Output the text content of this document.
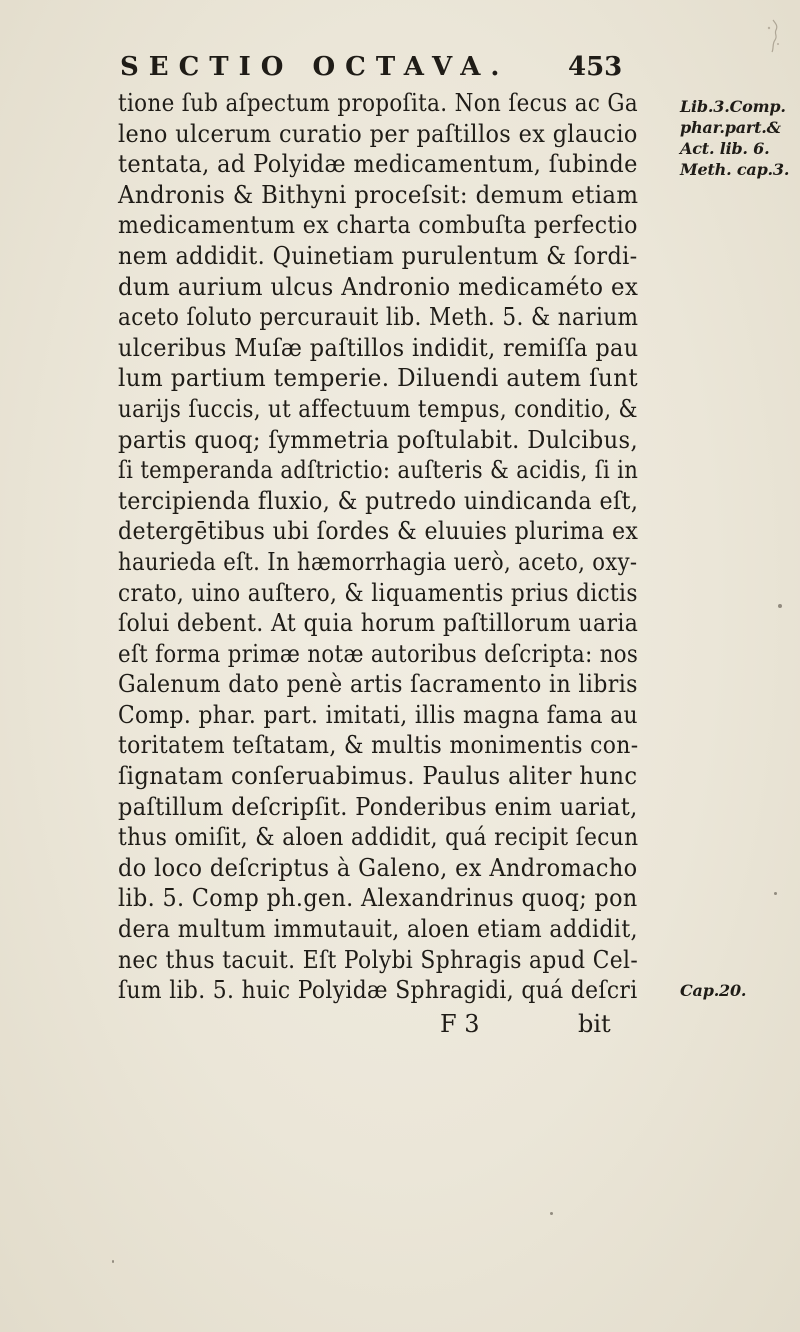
SECTIO OCTAVA. 453
tione ſub aſpectum propoſita. Non ſecus ac Ga
leno ulcerum curatio per paſtillos ex glaucio
tentata, ad Polyidæ medicamentum, ſubinde
Andronis & Bithyni proceſsit: demum etiam
medicamentum ex charta combuſta perfectio
nem addidit. Quinetiam purulentum & ſordi-
dum aurium ulcus Andronio medicaméto ex
aceto ſoluto percurauit lib. Meth. 5. & narium
ulceribus Muſæ paſtillos indidit, remiſſa pau
lum partium temperie. Diluendi autem ſunt
uarijs ſuccis, ut affectuum tempus, conditio, &
partis quoq; ſymmetria poſtulabit. Dulcibus,
ſi temperanda adſtrictio: auſteris & acidis, ſi in
tercipienda fluxio, & putredo uindicanda eſt,
detergētibus ubi ſordes & eluuies plurima ex
haurieda eſt. In hæmorrhagia uerò, aceto, oxy-
crato, uino auſtero, & liquamentis prius dictis
ſolui debent. At quia horum paſtillorum uaria
eſt forma primæ notæ autoribus deſcripta: nos
Galenum dato penè artis ſacramento in libris
Comp. phar. part. imitati, illis magna fama au
toritatem teſtatam, & multis monimentis con-
ſignatam conſeruabimus. Paulus aliter hunc
paſtillum deſcripſit. Ponderibus enim uariat,
thus omiſit, & aloen addidit, quá recipit ſecun
do loco deſcriptus à Galeno, ex Andromacho
lib. 5. Comp ph.gen. Alexandrinus quoq; pon
dera multum immutauit, aloen etiam addidit,
nec thus tacuit. Eſt Polybi Sphragis apud Cel-
ſum lib. 5. huic Polyidæ Sphragidi, quá deſcri
Lib.3.Comp.
phar.part.&
Act. lib. 6.
Meth. cap.3.
Cap.20.
F 3	bit
